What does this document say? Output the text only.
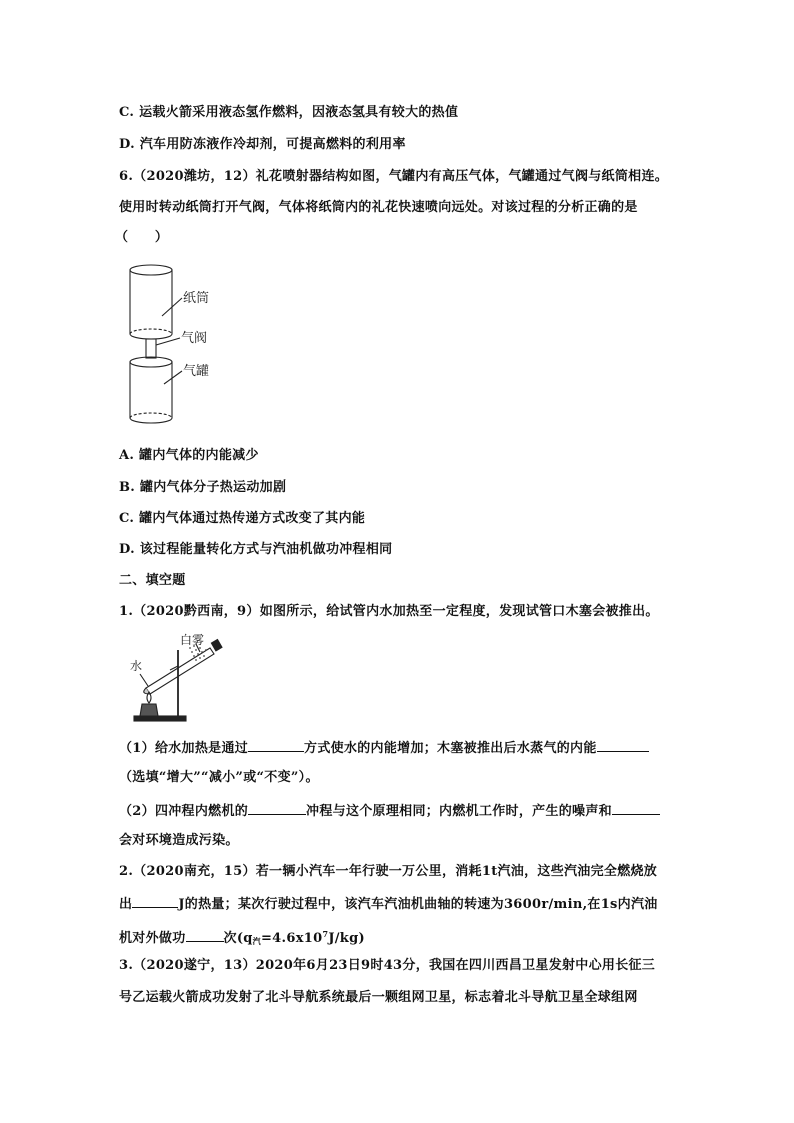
C. 运载火箭采用液态氢作燃料，因液态氢具有较大的热值
D. 汽车用防冻液作冷却剂，可提高燃料的利用率
6.（2020潍坊，12）礼花喷射器结构如图，气罐内有高压气体，气罐通过气阀与纸筒相连。
使用时转动纸筒打开气阀，气体将纸筒内的礼花快速喷向远处。对该过程的分析正确的是
（　　）
纸筒
气阀
气罐
A. 罐内气体的内能减少
B. 罐内气体分子热运动加剧
C. 罐内气体通过热传递方式改变了其内能
D. 该过程能量转化方式与汽油机做功冲程相同
二、填空题
1.（2020黔西南，9）如图所示，给试管内水加热至一定程度，发现试管口木塞会被推出。
白雾
水
（1）给水加热是通过	方式使水的内能增加；木塞被推出后水蒸气的内能
（选填“增大”“减小”或“不变”）。
（2）四冲程内燃机的	冲程与这个原理相同；内燃机工作时，产生的噪声和
会对环境造成污染。
2.（2020南充，15）若一辆小汽车一年行驶一万公里，消耗1t汽油，这些汽油完全燃烧放
出	J的热量；某次行驶过程中，该汽车汽油机曲轴的转速为3600r/min,在1s内汽油
机对外做功	次$(q_汽=4.6x10^7J/kg)$
3.（2020遂宁，13）2020年6月23日9时43分，我国在四川西昌卫星发射中心用长征三
号乙运载火箭成功发射了北斗导航系统最后一颗组网卫星，标志着北斗导航卫星全球组网
